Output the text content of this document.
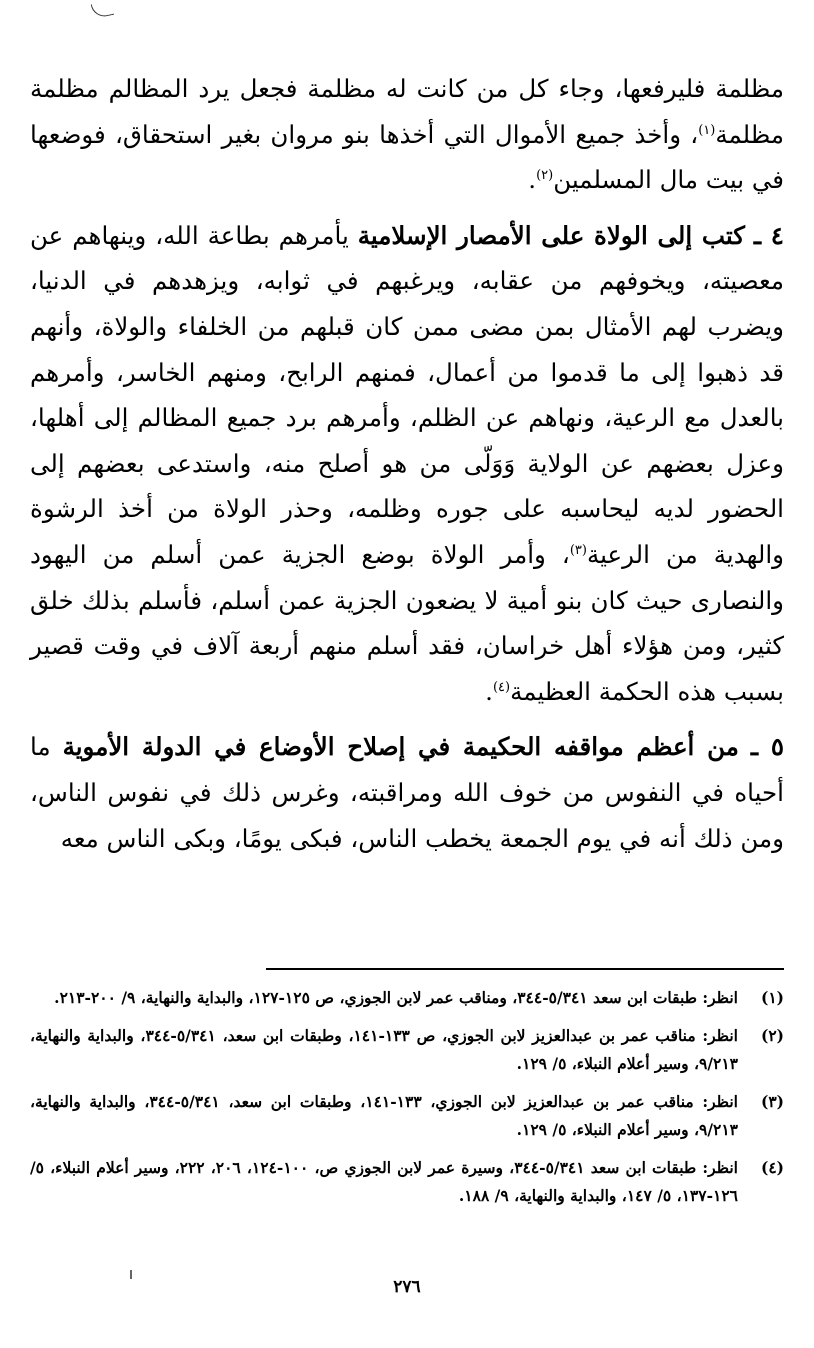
مظلمة فليرفعها، وجاء كل من كانت له مظلمة فجعل يرد المظالم مظلمة مظلمة$^{(١)}$، وأخذ جميع الأموال التي أخذها بنو مروان بغير استحقاق، فوضعها في بيت مال المسلمين$^{(٢)}$.

٤ ـ كتب إلى الولاة على الأمصار الإسلامية يأمرهم بطاعة الله، وينهاهم عن معصيته، ويخوفهم من عقابه، ويرغبهم في ثوابه، ويزهدهم في الدنيا، ويضرب لهم الأمثال بمن مضى ممن كان قبلهم من الخلفاء والولاة، وأنهم قد ذهبوا إلى ما قدموا من أعمال، فمنهم الرابح، ومنهم الخاسر، وأمرهم بالعدل مع الرعية، ونهاهم عن الظلم، وأمرهم برد جميع المظالم إلى أهلها، وعزل بعضهم عن الولاية وَوَلّى من هو أصلح منه، واستدعى بعضهم إلى الحضور لديه ليحاسبه على جوره وظلمه، وحذر الولاة من أخذ الرشوة والهدية من الرعية$^{(٣)}$، وأمر الولاة بوضع الجزية عمن أسلم من اليهود والنصارى حيث كان بنو أمية لا يضعون الجزية عمن أسلم، فأسلم بذلك خلق كثير، ومن هؤلاء أهل خراسان، فقد أسلم منهم أربعة آلاف في وقت قصير بسبب هذه الحكمة العظيمة$^{(٤)}$.

٥ ـ من أعظم مواقفه الحكيمة في إصلاح الأوضاع في الدولة الأموية ما أحياه في النفوس من خوف الله ومراقبته، وغرس ذلك في نفوس الناس، ومن ذلك أنه في يوم الجمعة يخطب الناس، فبكى يومًا، وبكى الناس معه

(١)
انظر: طبقات ابن سعد ٥/٣٤١-٣٤٤، ومناقب عمر لابن الجوزي، ص ١٢٥-١٢٧، والبداية والنهاية، ٩/ ٢٠٠-٢١٣.
(٢)
انظر: مناقب عمر بن عبدالعزيز لابن الجوزي، ص ١٣٣-١٤١، وطبقات ابن سعد، ٥/٣٤١-٣٤٤، والبداية والنهاية، ٩/٢١٣، وسير أعلام النبلاء، ٥/ ١٢٩.
(٣)
انظر: مناقب عمر بن عبدالعزيز لابن الجوزي، ١٣٣-١٤١، وطبقات ابن سعد، ٥/٣٤١-٣٤٤، والبداية والنهاية، ٩/٢١٣، وسير أعلام النبلاء، ٥/ ١٢٩.
(٤)
انظر: طبقات ابن سعد ٥/٣٤١-٣٤٤، وسيرة عمر لابن الجوزي ص، ١٠٠-١٢٤، ٢٠٦، ٢٢٢، وسير أعلام النبلاء، ٥/ ١٢٦-١٣٧، ٥/ ١٤٧، والبداية والنهاية، ٩/ ١٨٨.
٢٧٦
